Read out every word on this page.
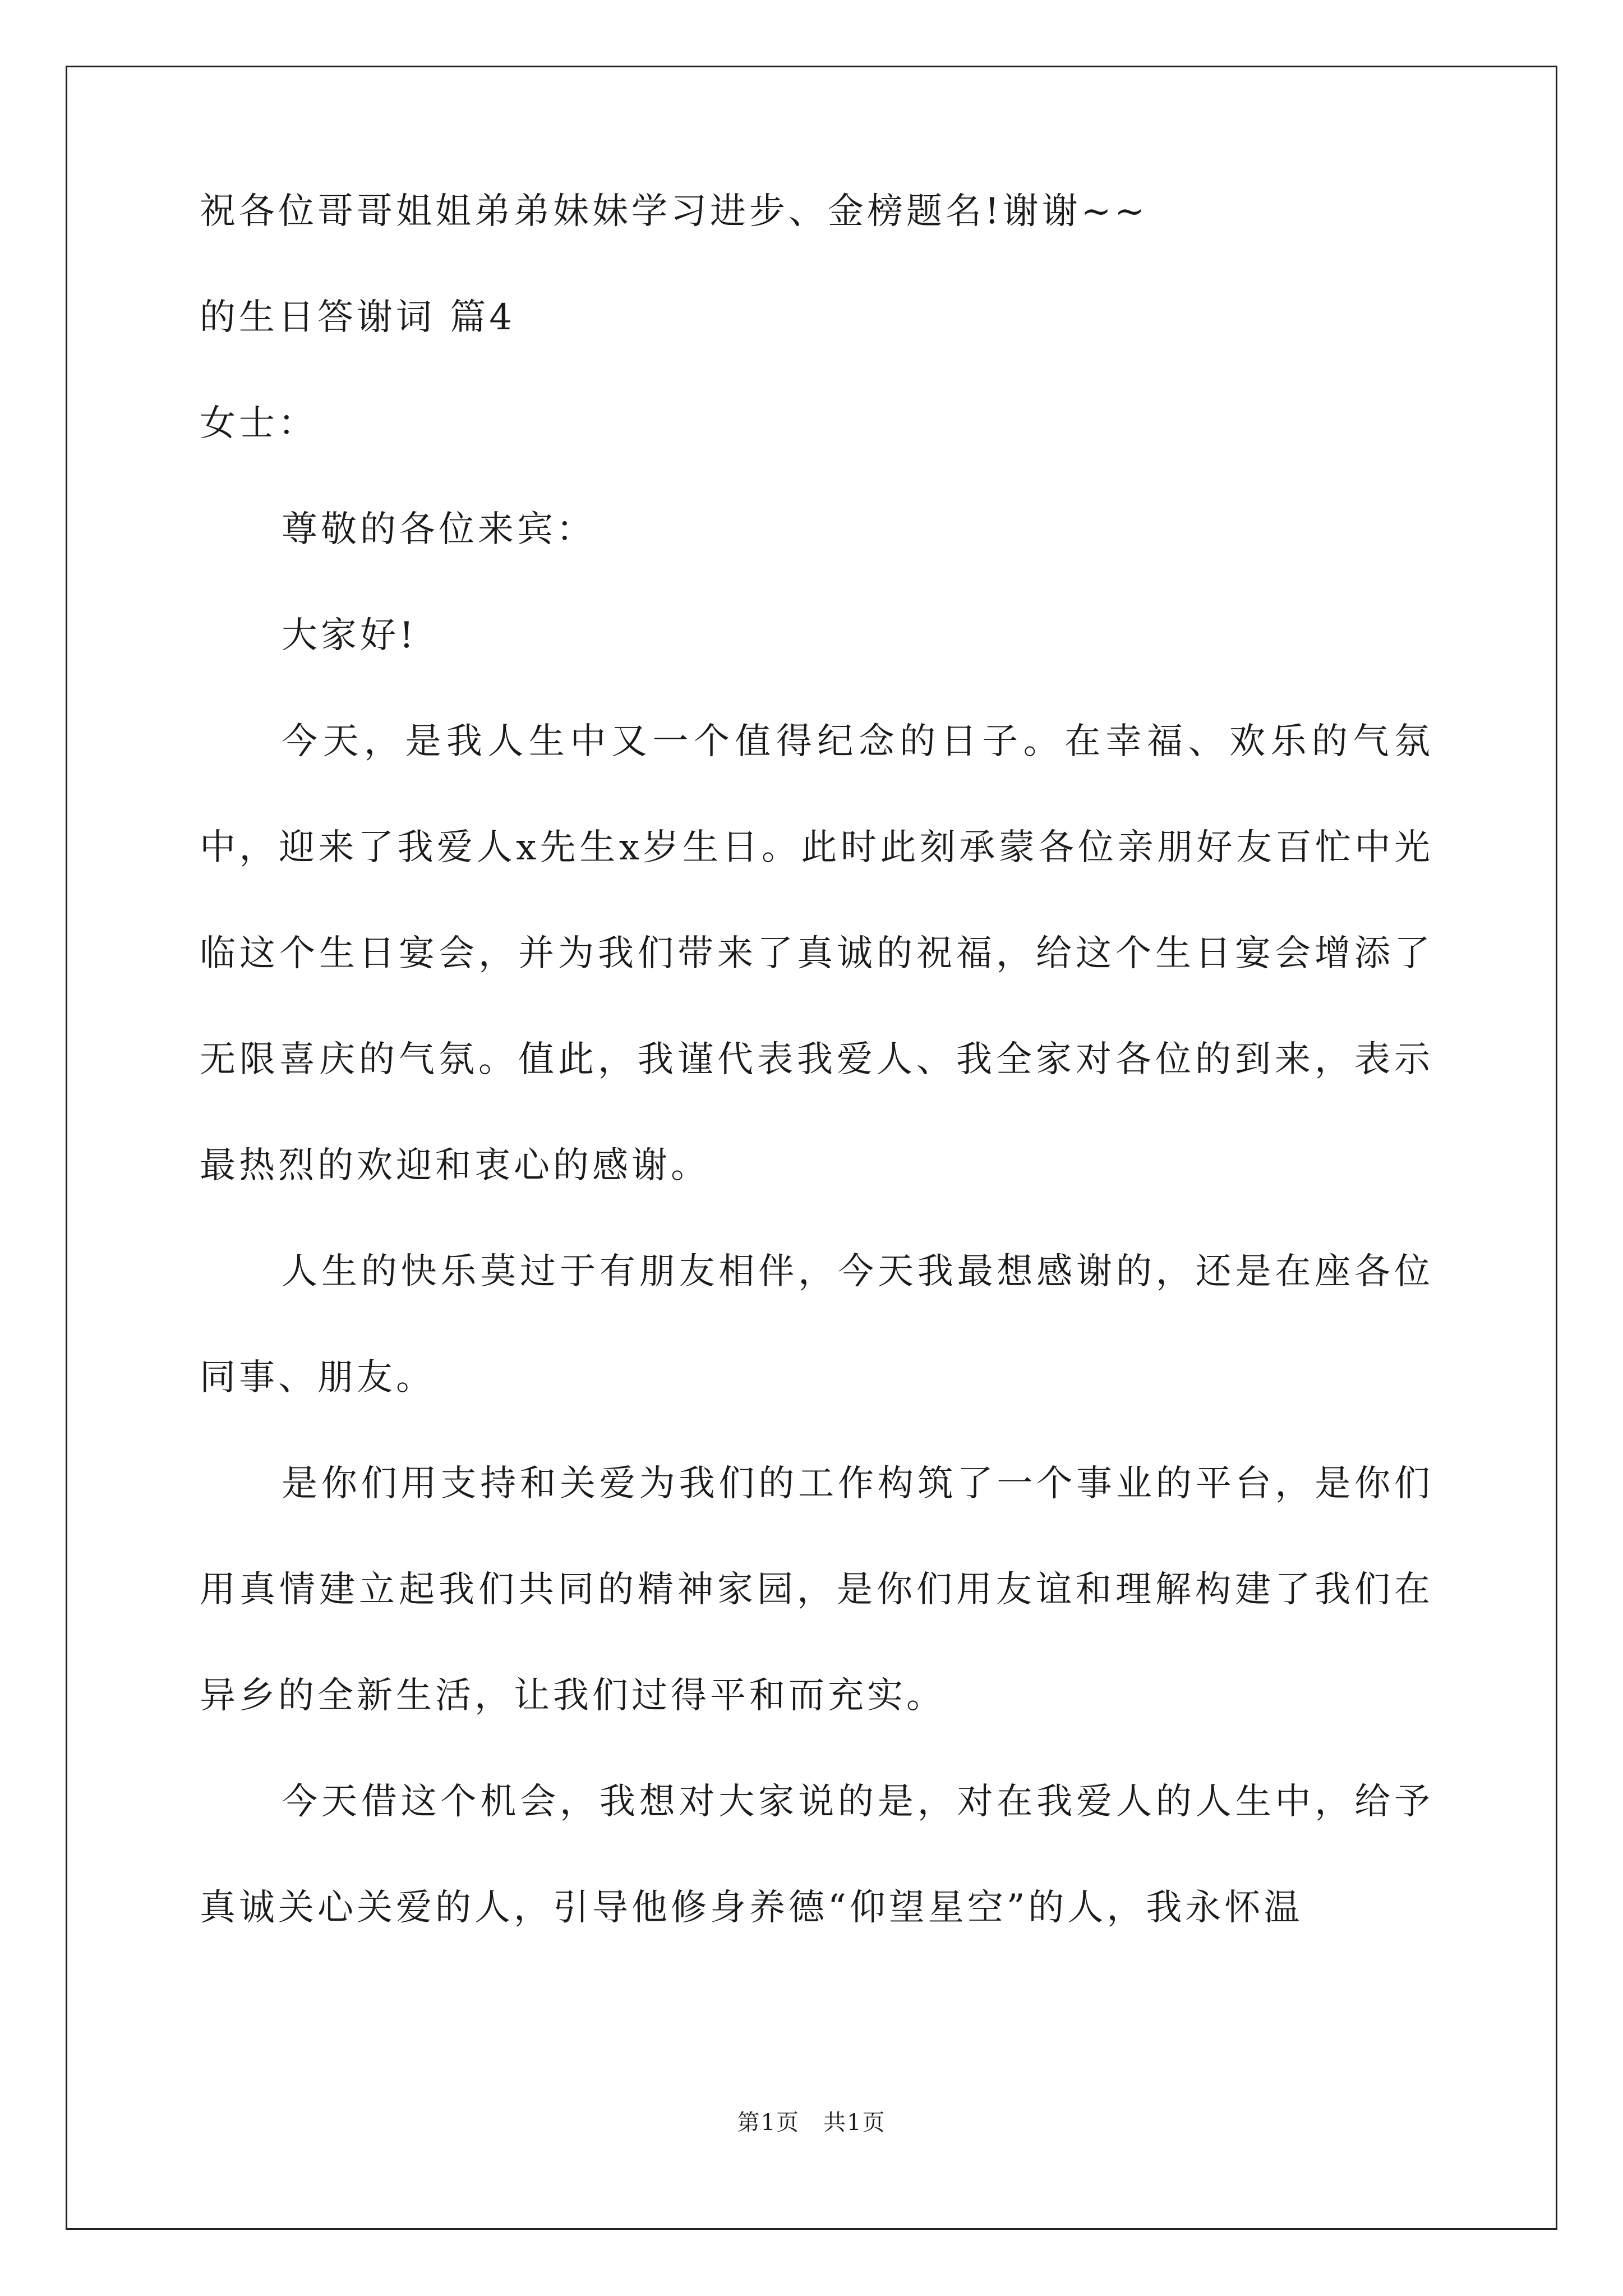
祝各位哥哥姐姐弟弟妹妹学习进步、金榜题名!谢谢~~

的生日答谢词 篇4

女士：

尊敬的各位来宾：

大家好!

今天，是我人生中又一个值得纪念的日子。在幸福、欢乐的气氛中，迎来了我爱人x先生x岁生日。此时此刻承蒙各位亲朋好友百忙中光临这个生日宴会，并为我们带来了真诚的祝福，给这个生日宴会增添了无限喜庆的气氛。值此，我谨代表我爱人、我全家对各位的到来，表示最热烈的欢迎和衷心的感谢。

人生的快乐莫过于有朋友相伴，今天我最想感谢的，还是在座各位同事、朋友。

是你们用支持和关爱为我们的工作构筑了一个事业的平台，是你们用真情建立起我们共同的精神家园，是你们用友谊和理解构建了我们在异乡的全新生活，让我们过得平和而充实。

今天借这个机会，我想对大家说的是，对在我爱人的人生中，给予真诚关心关爱的人，引导他修身养德“仰望星空”的人，我永怀温

第1页　共1页
